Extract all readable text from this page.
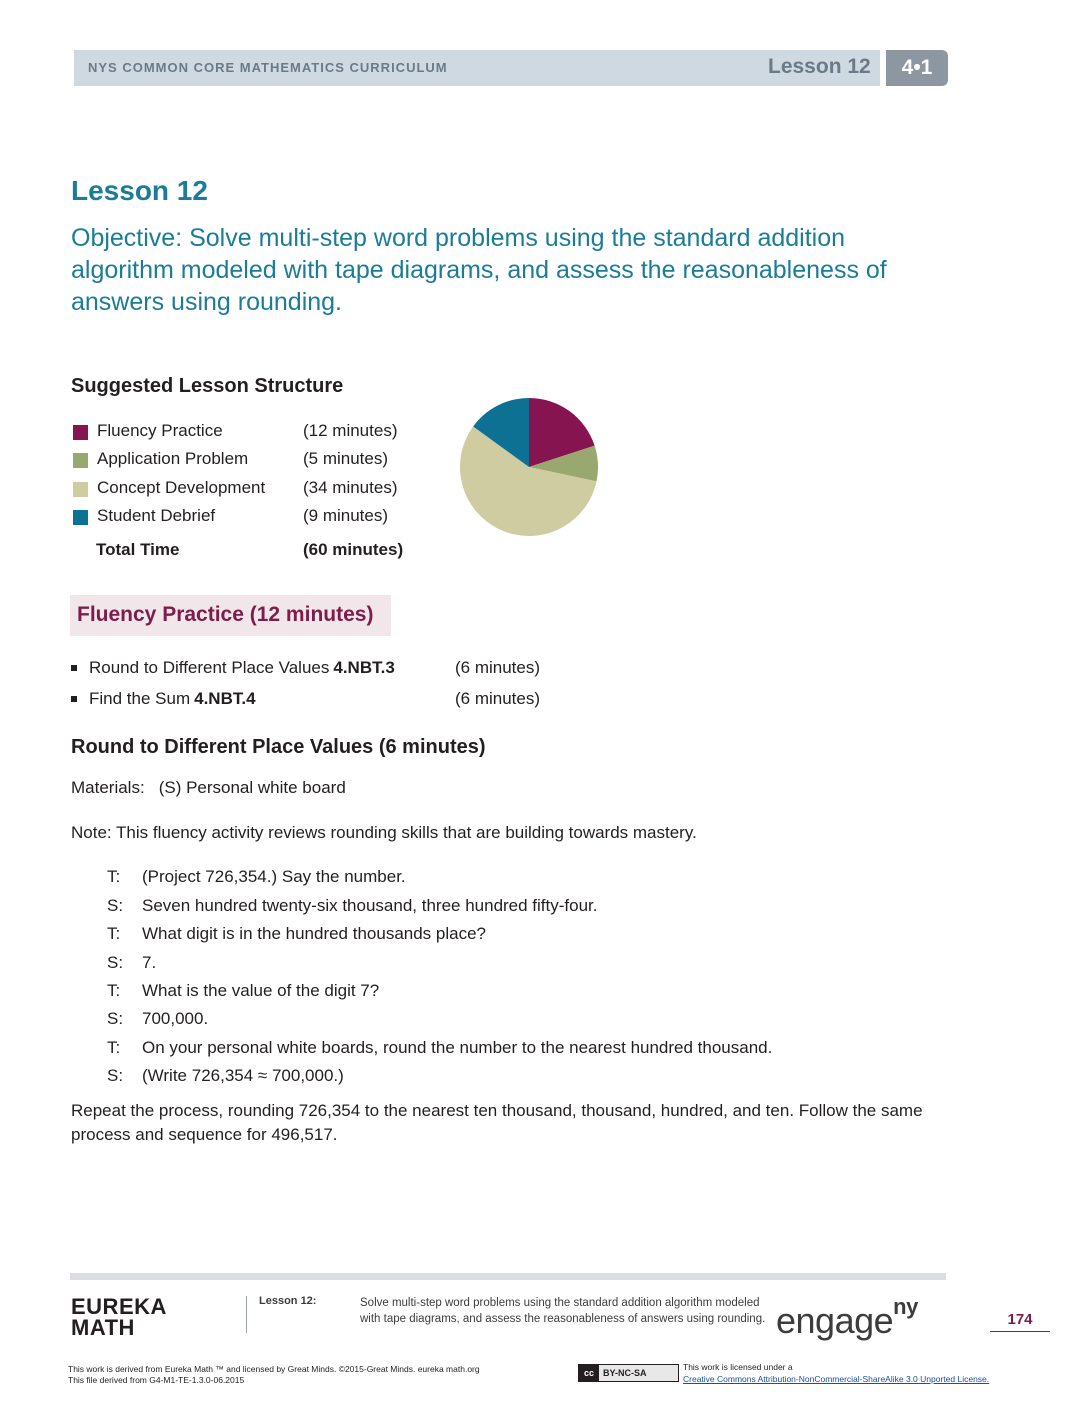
NYS COMMON CORE MATHEMATICS CURRICULUM	Lesson 12	4•1
Lesson 12
Objective: Solve multi-step word problems using the standard addition algorithm modeled with tape diagrams, and assess the reasonableness of answers using rounding.
Suggested Lesson Structure
Fluency Practice	(12 minutes)
Application Problem	(5 minutes)
Concept Development (34 minutes)
Student Debrief	(9 minutes)
Total Time	(60 minutes)
Fluency Practice (12 minutes)
Round to Different Place Values 4.NBT.3	(6 minutes)
Find the Sum 4.NBT.4	(6 minutes)
Round to Different Place Values (6 minutes)
Materials: (S) Personal white board
Note: This fluency activity reviews rounding skills that are building towards mastery.
T: (Project 726,354.) Say the number.
S: Seven hundred twenty-six thousand, three hundred fifty-four.
T: What digit is in the hundred thousands place?
S: 7.
T: What is the value of the digit 7?
S: 700,000.
T: On your personal white boards, round the number to the nearest hundred thousand.
S: (Write 726,354 ≈ 700,000.)
Repeat the process, rounding 726,354 to the nearest ten thousand, thousand, hundred, and ten. Follow the same process and sequence for 496,517.
EUREKA
MATH
Lesson 12:	Solve multi-step word problems using the standard addition algorithm modeled with tape diagrams, and assess the reasonableness of answers using rounding. engage$^{ny}$
174
This work is derived from Eureka Math ™ and licensed by Great Minds. ©2015-Great Minds. eureka math.org
This file derived from G4-M1-TE-1.3.0-06.2015
cc BY-NC-SA
This work is licensed under a
Creative Commons Attribution-NonCommercial-ShareAlike 3.0 Unported License.
